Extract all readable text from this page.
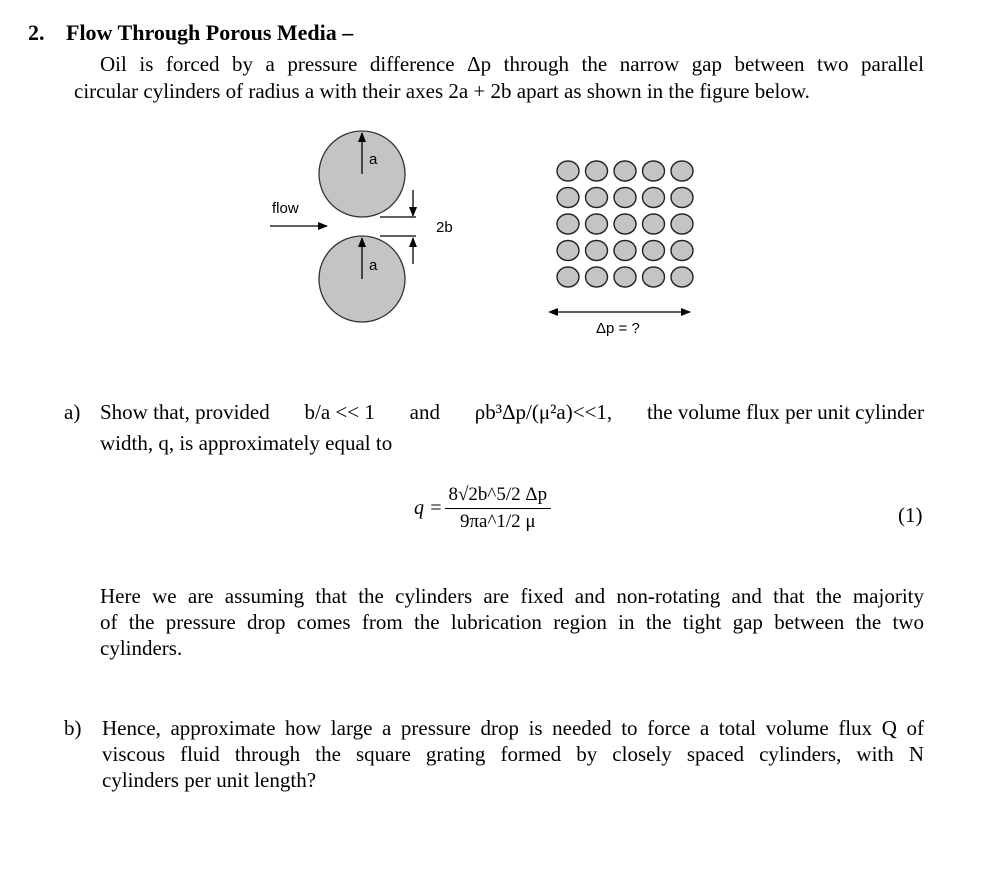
2. Flow Through Porous Media –
Oil is forced by a pressure difference Δp through the narrow gap between two parallel
circular cylinders of radius a with their axes 2a + 2b apart as shown in the figure below.
a
a
2b
flow
Δp = ?
a) Show that, provided b/a << 1 and ρb³Δp/(μ²a)<<1, the volume flux per unit cylinder
width, q, is approximately equal to
$q = \frac{8√2b\^{}5/2 \Delta p}{9\pi a\^{}1/2 \mu}$	(1)
Here we are assuming that the cylinders are fixed and non-rotating and that the majority
of the pressure drop comes from the lubrication region in the tight gap between the two
cylinders.
b) Hence, approximate how large a pressure drop is needed to force a total volume flux Q of
viscous fluid through the square grating formed by closely spaced cylinders, with N
cylinders per unit length?
